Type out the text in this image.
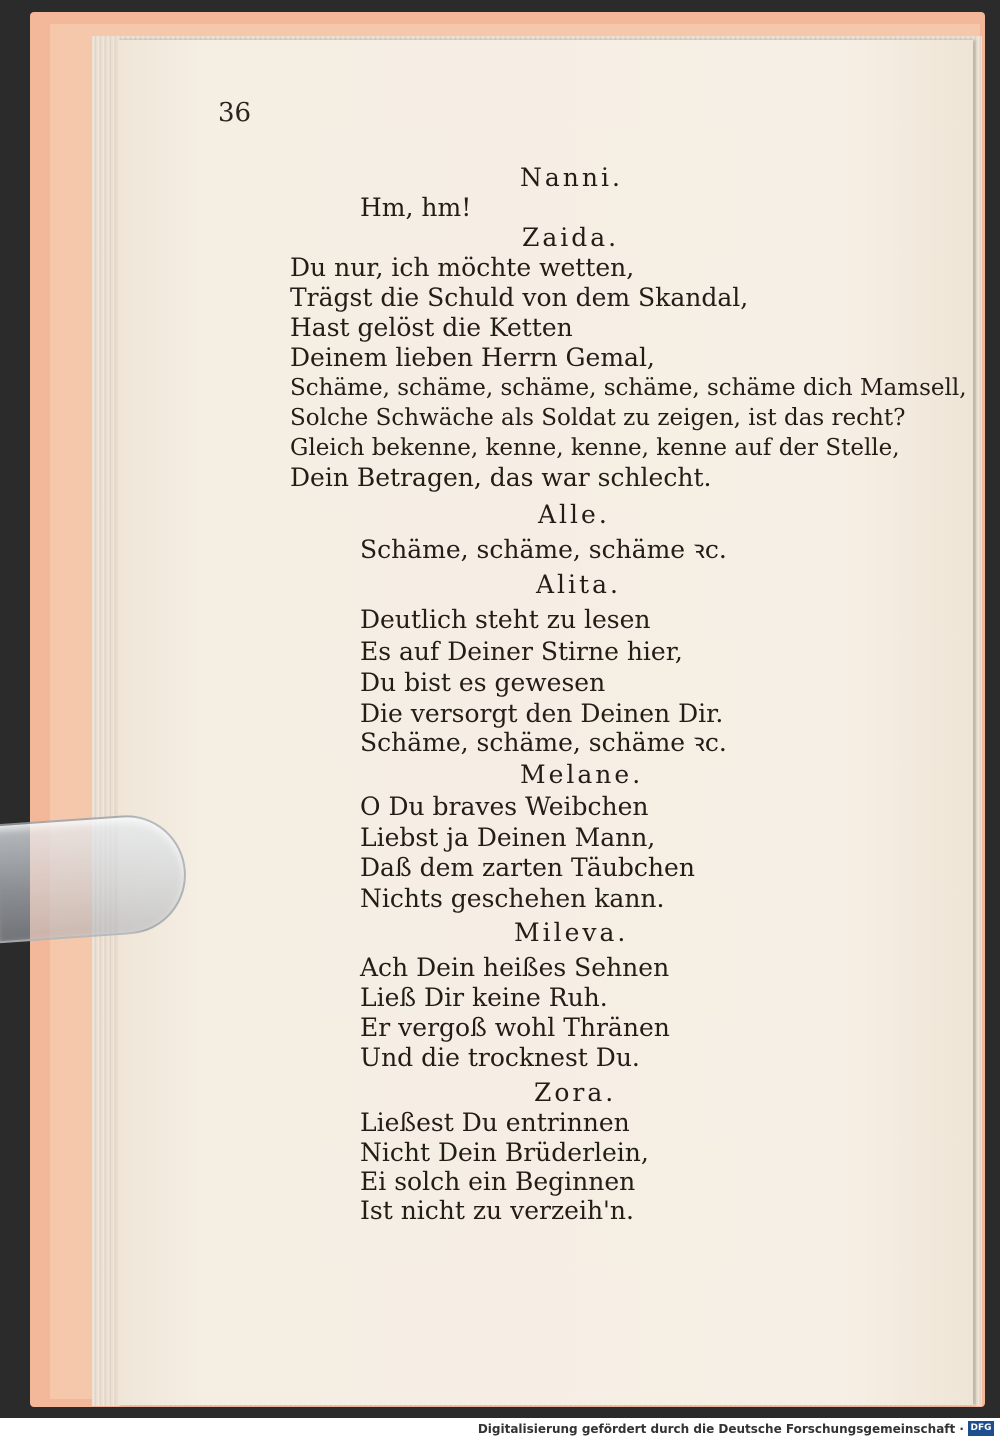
36
Nanni.
Hm, hm!
Zaida.
Du nur, ich möchte wetten,
Trägst die Schuld von dem Skandal,
Hast gelöst die Ketten
Deinem lieben Herrn Gemal,
Schäme, schäme, schäme, schäme, schäme dich Mamsell,
Solche Schwäche als Soldat zu zeigen, ist das recht?
Gleich bekenne, kenne, kenne, kenne auf der Stelle,
Dein Betragen, das war schlecht.
Alle.
Schäme, schäme, schäme ꝛc.
Alita.
Deutlich steht zu lesen
Es auf Deiner Stirne hier,
Du bist es gewesen
Die versorgt den Deinen Dir.
Schäme, schäme, schäme ꝛc.
Melane.
O Du braves Weibchen
Liebst ja Deinen Mann,
Daß dem zarten Täubchen
Nichts geschehen kann.
Mileva.
Ach Dein heißes Sehnen
Ließ Dir keine Ruh.
Er vergoß wohl Thränen
Und die trocknest Du.
Zora.
Ließest Du entrinnen
Nicht Dein Brüderlein,
Ei solch ein Beginnen
Ist nicht zu verzeih'n.
Digitalisierung gefördert durch die Deutsche Forschungsgemeinschaft · DFG
